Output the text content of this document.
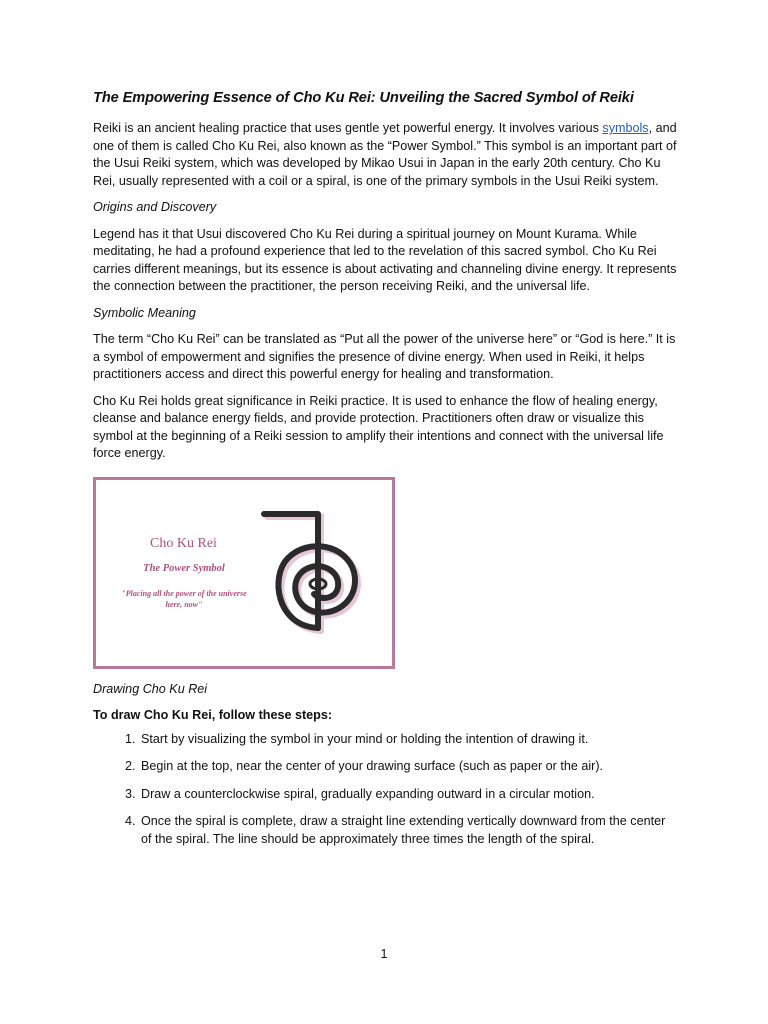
The Empowering Essence of Cho Ku Rei: Unveiling the Sacred Symbol of Reiki

Reiki is an ancient healing practice that uses gentle yet powerful energy. It involves various symbols, and one of them is called Cho Ku Rei, also known as the “Power Symbol.” This symbol is an important part of the Usui Reiki system, which was developed by Mikao Usui in Japan in the early 20th century. Cho Ku Rei, usually represented with a coil or a spiral, is one of the primary symbols in the Usui Reiki system.

Origins and Discovery

Legend has it that Usui discovered Cho Ku Rei during a spiritual journey on Mount Kurama. While meditating, he had a profound experience that led to the revelation of this sacred symbol. Cho Ku Rei carries different meanings, but its essence is about activating and channeling divine energy. It represents the connection between the practitioner, the person receiving Reiki, and the universal life.

Symbolic Meaning

The term “Cho Ku Rei” can be translated as “Put all the power of the universe here” or “God is here.” It is a symbol of empowerment and signifies the presence of divine energy. When used in Reiki, it helps practitioners access and direct this powerful energy for healing and transformation.

Cho Ku Rei holds great significance in Reiki practice. It is used to enhance the flow of healing energy, cleanse and balance energy fields, and provide protection. Practitioners often draw or visualize this symbol at the beginning of a Reiki session to amplify their intentions and connect with the universal life force energy.

Cho Ku Rei
The Power Symbol
"Placing all the power of the universe here, now"

Drawing Cho Ku Rei

To draw Cho Ku Rei, follow these steps:

1. Start by visualizing the symbol in your mind or holding the intention of drawing it.
2. Begin at the top, near the center of your drawing surface (such as paper or the air).
3. Draw a counterclockwise spiral, gradually expanding outward in a circular motion.
4. Once the spiral is complete, draw a straight line extending vertically downward from the center of the spiral. The line should be approximately three times the length of the spiral.
1
